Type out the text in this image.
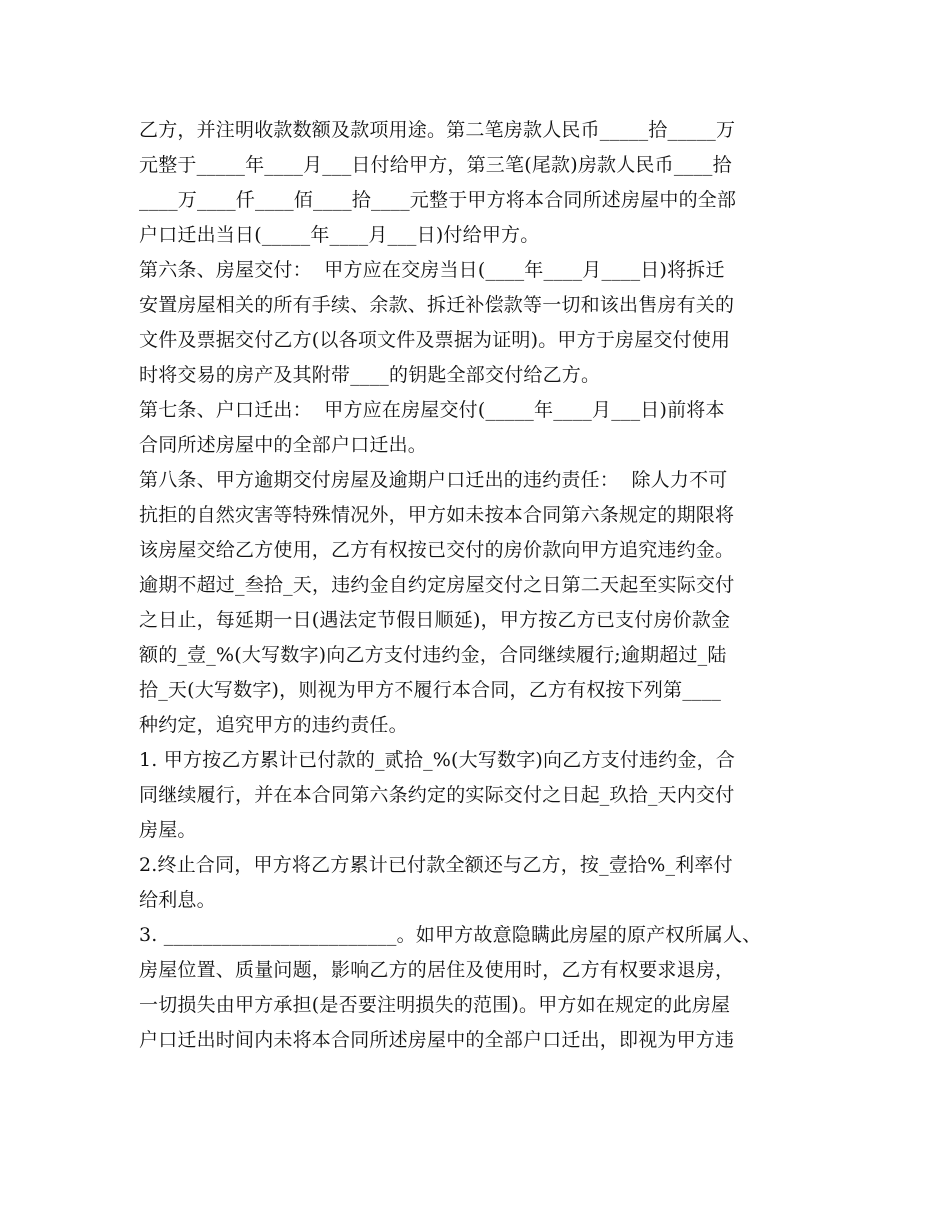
乙方，并注明收款数额及款项用途。第二笔房款人民币_____拾_____万
元整于_____年____月___日付给甲方，第三笔(尾款)房款人民币____拾
____万____仟____佰____拾____元整于甲方将本合同所述房屋中的全部
户口迁出当日(_____年____月___日)付给甲方。
第六条、房屋交付：  甲方应在交房当日(____年____月____日)将拆迁
安置房屋相关的所有手续、余款、拆迁补偿款等一切和该出售房有关的
文件及票据交付乙方(以各项文件及票据为证明)。甲方于房屋交付使用
时将交易的房产及其附带____的钥匙全部交付给乙方。
第七条、户口迁出：  甲方应在房屋交付(_____年____月___日)前将本
合同所述房屋中的全部户口迁出。
第八条、甲方逾期交付房屋及逾期户口迁出的违约责任：  除人力不可
抗拒的自然灾害等特殊情况外，甲方如未按本合同第六条规定的期限将
该房屋交给乙方使用，乙方有权按已交付的房价款向甲方追究违约金。
逾期不超过_叁拾_天，违约金自约定房屋交付之日第二天起至实际交付
之日止，每延期一日(遇法定节假日顺延)，甲方按乙方已支付房价款金
额的_壹_%(大写数字)向乙方支付违约金，合同继续履行;逾期超过_陆
拾_天(大写数字)，则视为甲方不履行本合同，乙方有权按下列第____
种约定，追究甲方的违约责任。
1. 甲方按乙方累计已付款的_贰拾_%(大写数字)向乙方支付违约金，合
同继续履行，并在本合同第六条约定的实际交付之日起_玖拾_天内交付
房屋。
2.终止合同，甲方将乙方累计已付款全额还与乙方，按_壹拾%_利率付
给利息。
3. ________________________。如甲方故意隐瞒此房屋的原产权所属人、
房屋位置、质量问题，影响乙方的居住及使用时，乙方有权要求退房，
一切损失由甲方承担(是否要注明损失的范围)。甲方如在规定的此房屋
户口迁出时间内未将本合同所述房屋中的全部户口迁出，即视为甲方违
